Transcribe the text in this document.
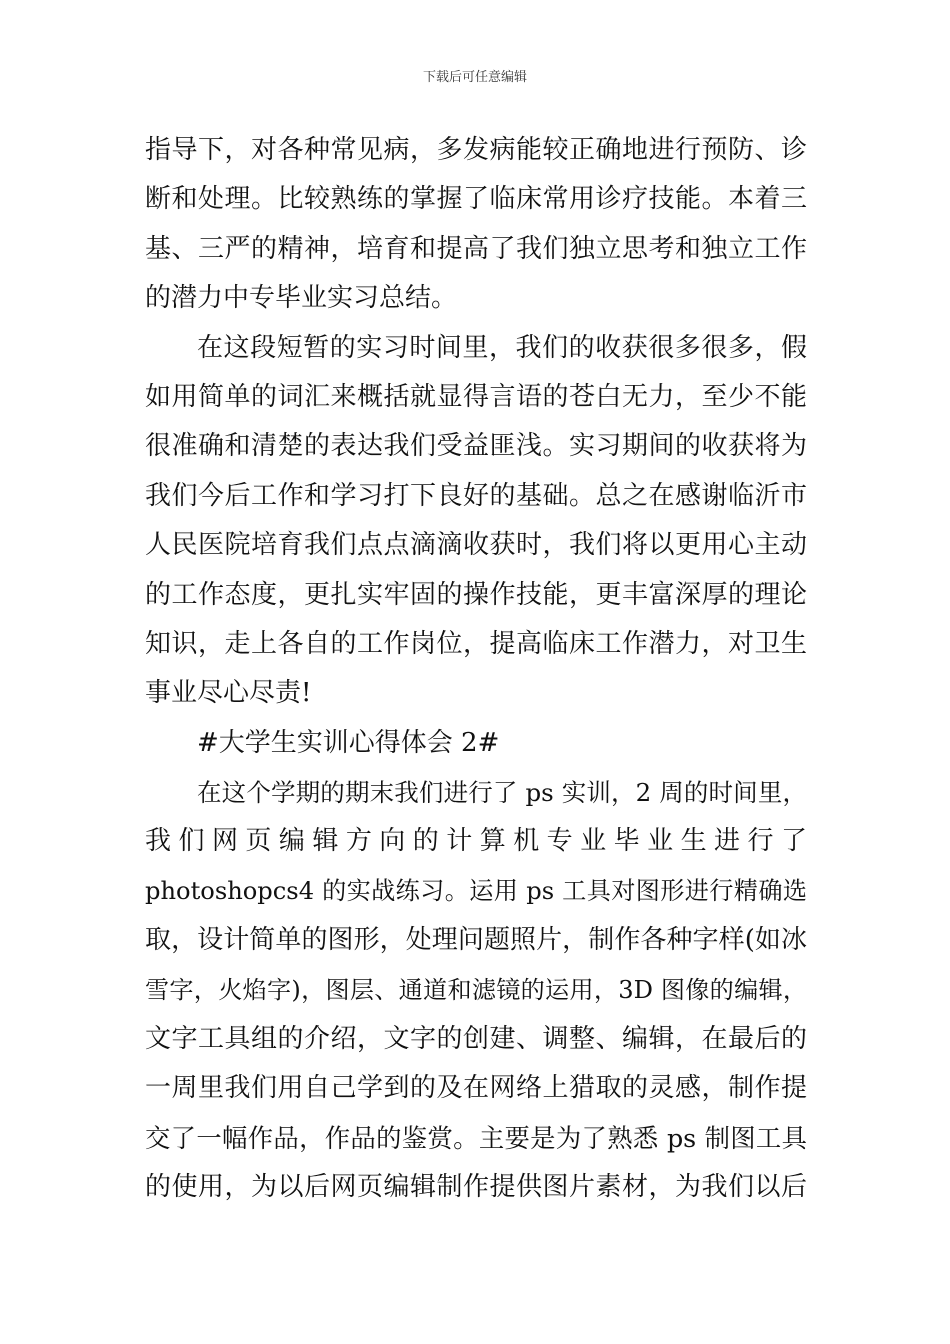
下载后可任意编辑
指导下，对各种常见病，多发病能较正确地进行预防、诊
断和处理。比较熟练的掌握了临床常用诊疗技能。本着三
基、三严的精神，培育和提高了我们独立思考和独立工作
的潜力中专毕业实习总结。
在这段短暂的实习时间里，我们的收获很多很多，假
如用简单的词汇来概括就显得言语的苍白无力，至少不能
很准确和清楚的表达我们受益匪浅。实习期间的收获将为
我们今后工作和学习打下良好的基础。总之在感谢临沂市
人民医院培育我们点点滴滴收获时，我们将以更用心主动
的工作态度，更扎实牢固的操作技能，更丰富深厚的理论
知识，走上各自的工作岗位，提高临床工作潜力，对卫生
事业尽心尽责!
#大学生实训心得体会 2#
在这个学期的期末我们进行了 ps 实训，2 周的时间里，
我们网页编辑方向的计算机专业毕业生进行了
photoshopcs4 的实战练习。运用 ps 工具对图形进行精确选
取，设计简单的图形，处理问题照片，制作各种字样(如冰
雪字，火焰字)，图层、通道和滤镜的运用，3D 图像的编辑，
文字工具组的介绍，文字的创建、调整、编辑，在最后的
一周里我们用自己学到的及在网络上猎取的灵感，制作提
交了一幅作品，作品的鉴赏。主要是为了熟悉 ps 制图工具
的使用，为以后网页编辑制作提供图片素材，为我们以后
